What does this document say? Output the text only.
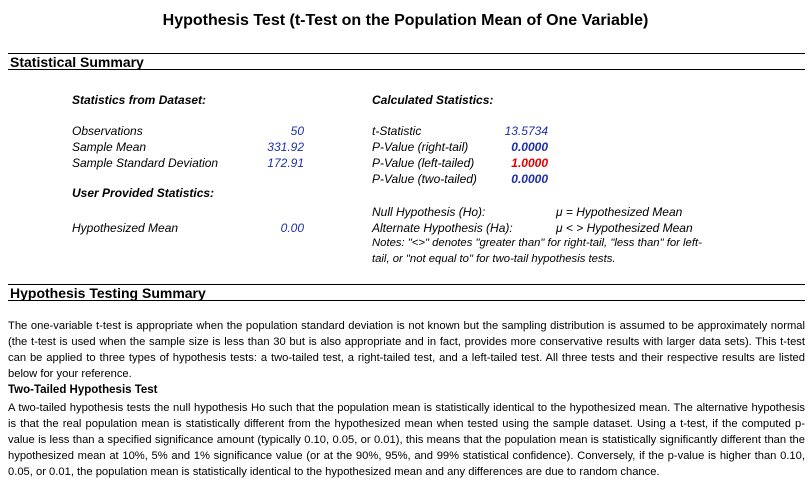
Hypothesis Test (t-Test on the Population Mean of One Variable)
Statistical Summary
Statistics from Dataset:
Observations	50
Sample Mean	331.92
Sample Standard Deviation	172.91
User Provided Statistics:
Hypothesized Mean	0.00
Calculated Statistics:
t-Statistic	13.5734
P-Value (right-tail)	0.0000
P-Value (left-tailed)	1.0000
P-Value (two-tailed)	0.0000
Null Hypothesis (Ho):	μ = Hypothesized Mean
Alternate Hypothesis (Ha):	μ < > Hypothesized Mean
Notes: "<>" denotes "greater than" for right-tail, "less than" for left-
tail, or "not equal to" for two-tail hypothesis tests.
Hypothesis Testing Summary
The one-variable t-test is appropriate when the population standard deviation is not known but the sampling distribution is assumed to be approximately normal (the t-test is used when the sample size is less than 30 but is also appropriate and in fact, provides more conservative results with larger data sets). This t-test can be applied to three types of hypothesis tests: a two-tailed test, a right-tailed test, and a left-tailed test. All three tests and their respective results are listed below for your reference.
Two-Tailed Hypothesis Test
A two-tailed hypothesis tests the null hypothesis Ho such that the population mean is statistically identical to the hypothesized mean. The alternative hypothesis is that the real population mean is statistically different from the hypothesized mean when tested using the sample dataset. Using a t-test, if the computed p-value is less than a specified significance amount (typically 0.10, 0.05, or 0.01), this means that the population mean is statistically significantly different than the hypothesized mean at 10%, 5% and 1% significance value (or at the 90%, 95%, and 99% statistical confidence). Conversely, if the p-value is higher than 0.10, 0.05, or 0.01, the population mean is statistically identical to the hypothesized mean and any differences are due to random chance.
